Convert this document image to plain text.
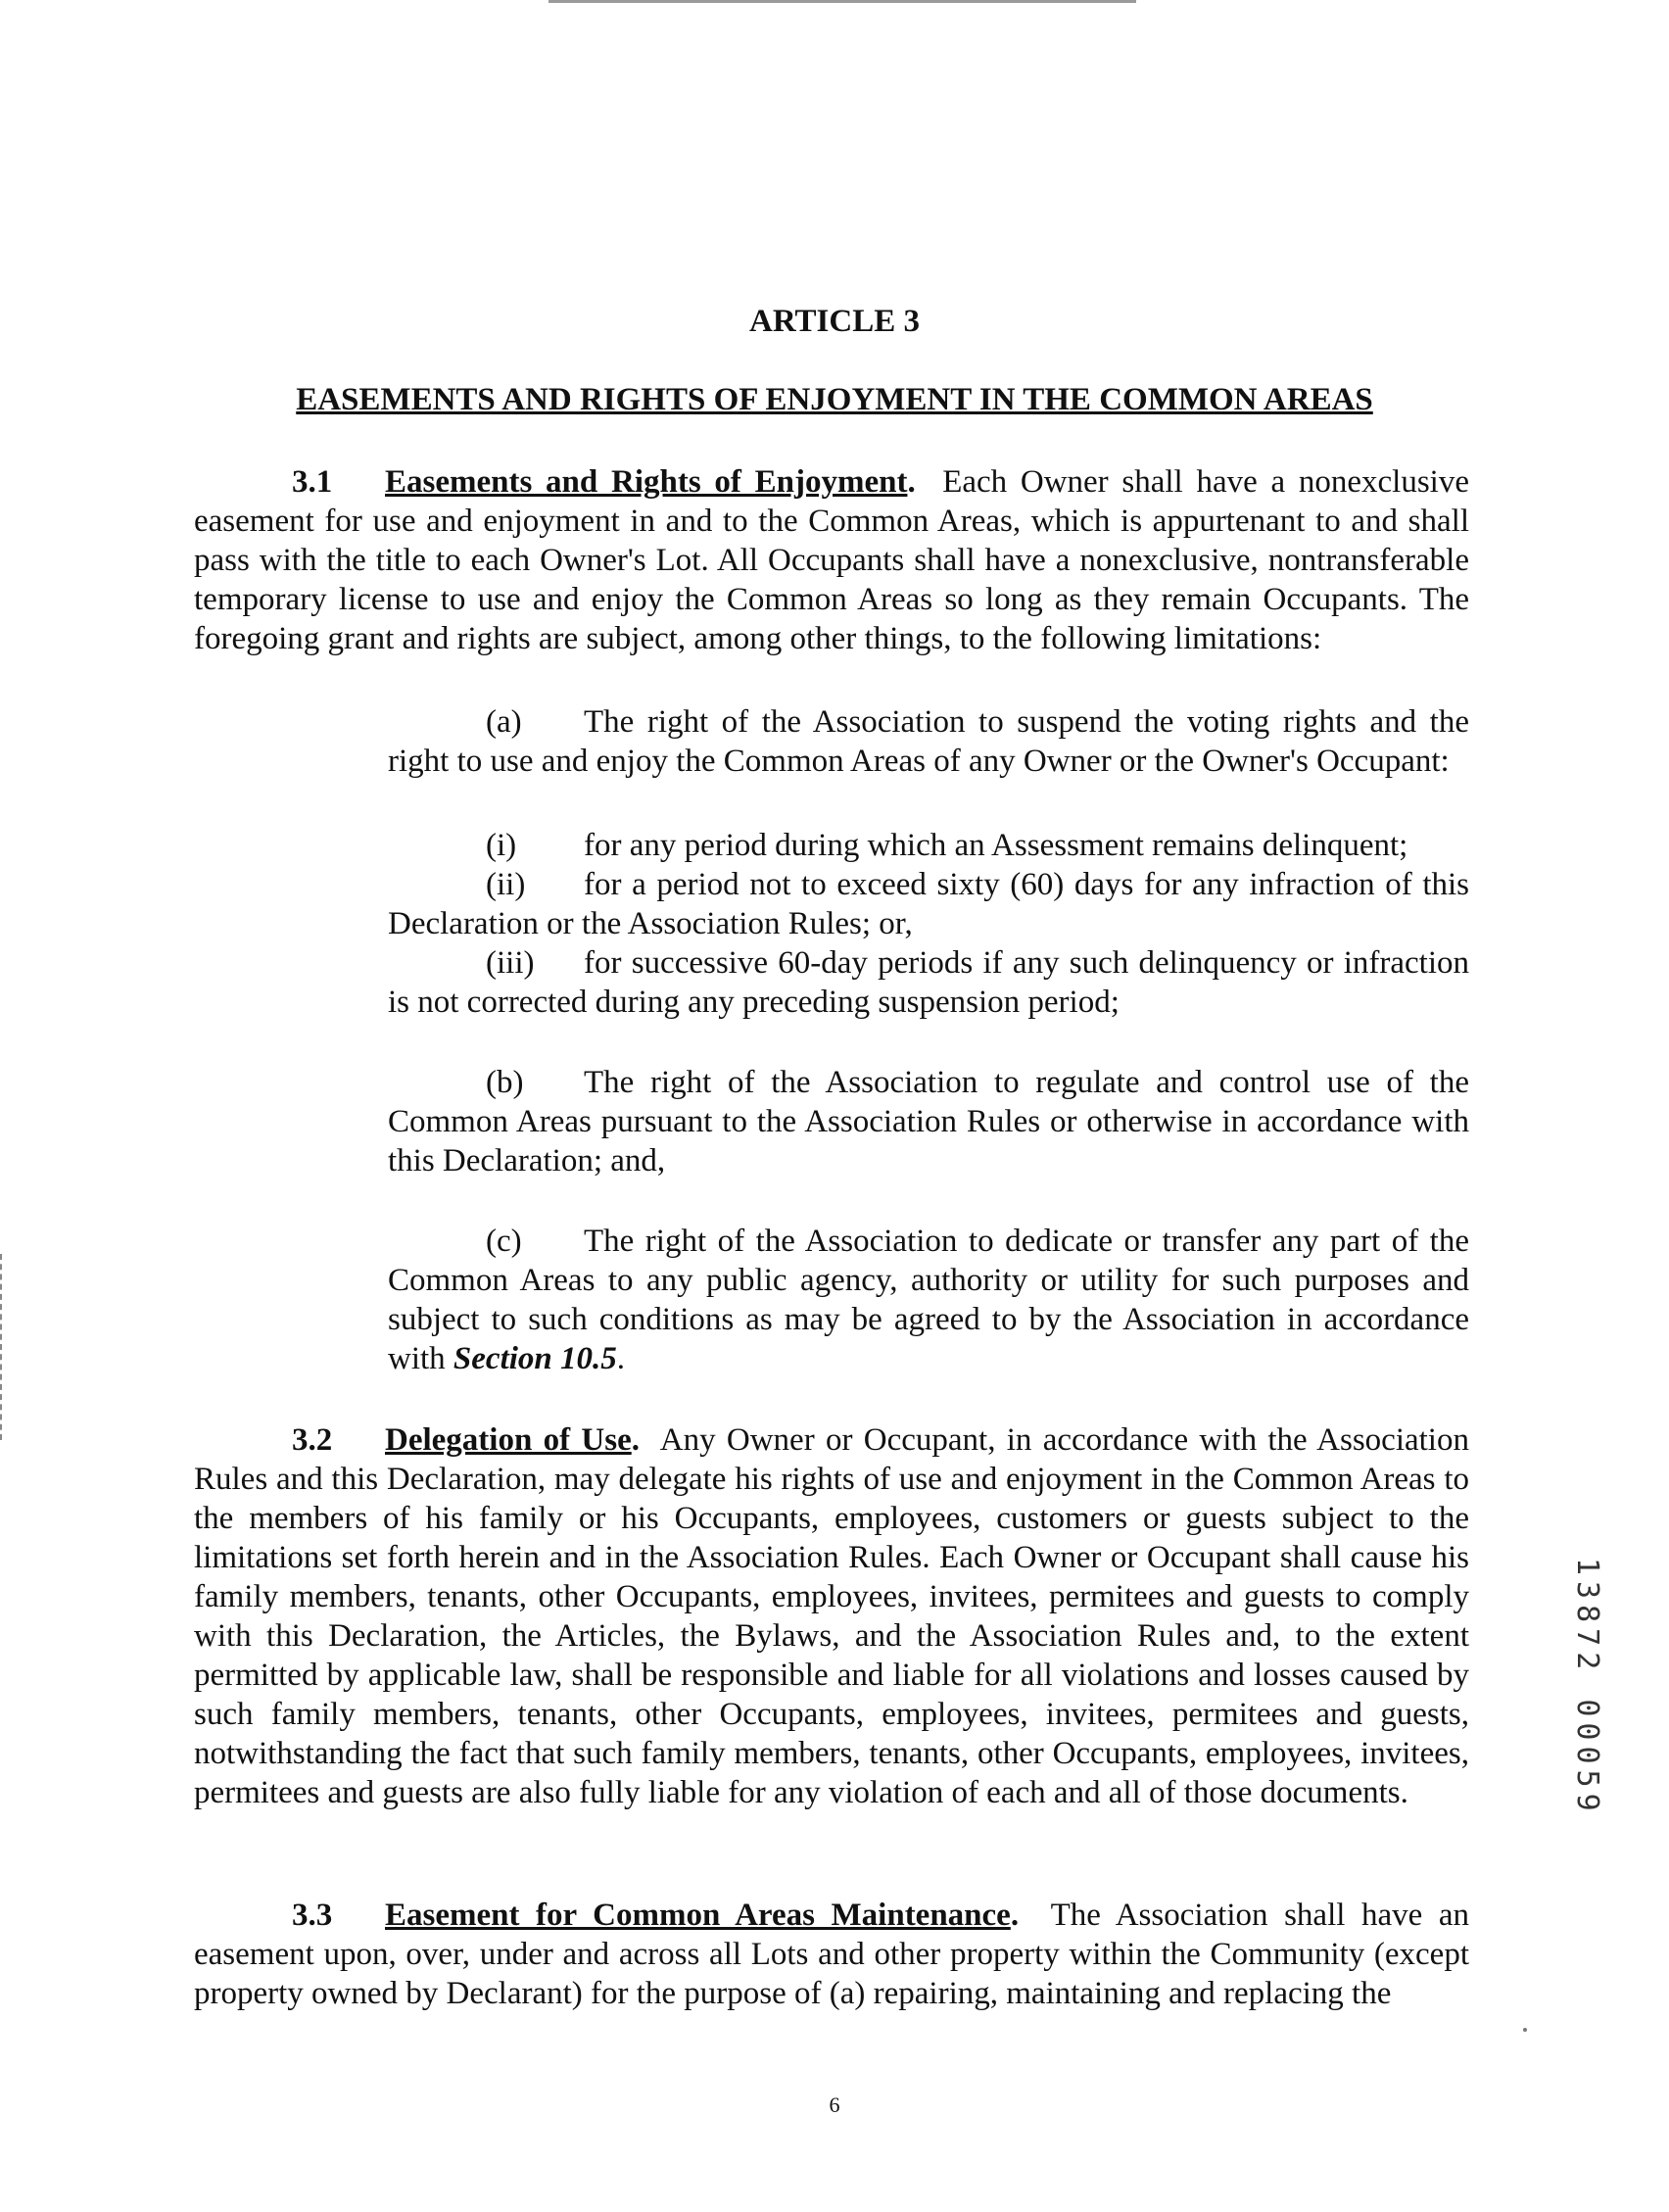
ARTICLE 3
EASEMENTS AND RIGHTS OF ENJOYMENT IN THE COMMON AREAS
3.1 Easements and Rights of Enjoyment. Each Owner shall have a nonexclusive easement for use and enjoyment in and to the Common Areas, which is appurtenant to and shall pass with the title to each Owner's Lot. All Occupants shall have a nonexclusive, nontransferable temporary license to use and enjoy the Common Areas so long as they remain Occupants. The foregoing grant and rights are subject, among other things, to the following limitations:
(a) The right of the Association to suspend the voting rights and the right to use and enjoy the Common Areas of any Owner or the Owner's Occupant:
(i) for any period during which an Assessment remains delinquent;
(ii) for a period not to exceed sixty (60) days for any infraction of this Declaration or the Association Rules; or,
(iii) for successive 60-day periods if any such delinquency or infraction is not corrected during any preceding suspension period;
(b) The right of the Association to regulate and control use of the Common Areas pursuant to the Association Rules or otherwise in accordance with this Declaration; and,
(c) The right of the Association to dedicate or transfer any part of the Common Areas to any public agency, authority or utility for such purposes and subject to such conditions as may be agreed to by the Association in accordance with Section 10.5.
3.2 Delegation of Use. Any Owner or Occupant, in accordance with the Association Rules and this Declaration, may delegate his rights of use and enjoyment in the Common Areas to the members of his family or his Occupants, employees, customers or guests subject to the limitations set forth herein and in the Association Rules. Each Owner or Occupant shall cause his family members, tenants, other Occupants, employees, invitees, permitees and guests to comply with this Declaration, the Articles, the Bylaws, and the Association Rules and, to the extent permitted by applicable law, shall be responsible and liable for all violations and losses caused by such family members, tenants, other Occupants, employees, invitees, permitees and guests, notwithstanding the fact that such family members, tenants, other Occupants, employees, invitees, permitees and guests are also fully liable for any violation of each and all of those documents.
3.3 Easement for Common Areas Maintenance. The Association shall have an easement upon, over, under and across all Lots and other property within the Community (except property owned by Declarant) for the purpose of (a) repairing, maintaining and replacing the
13872 00059
6
